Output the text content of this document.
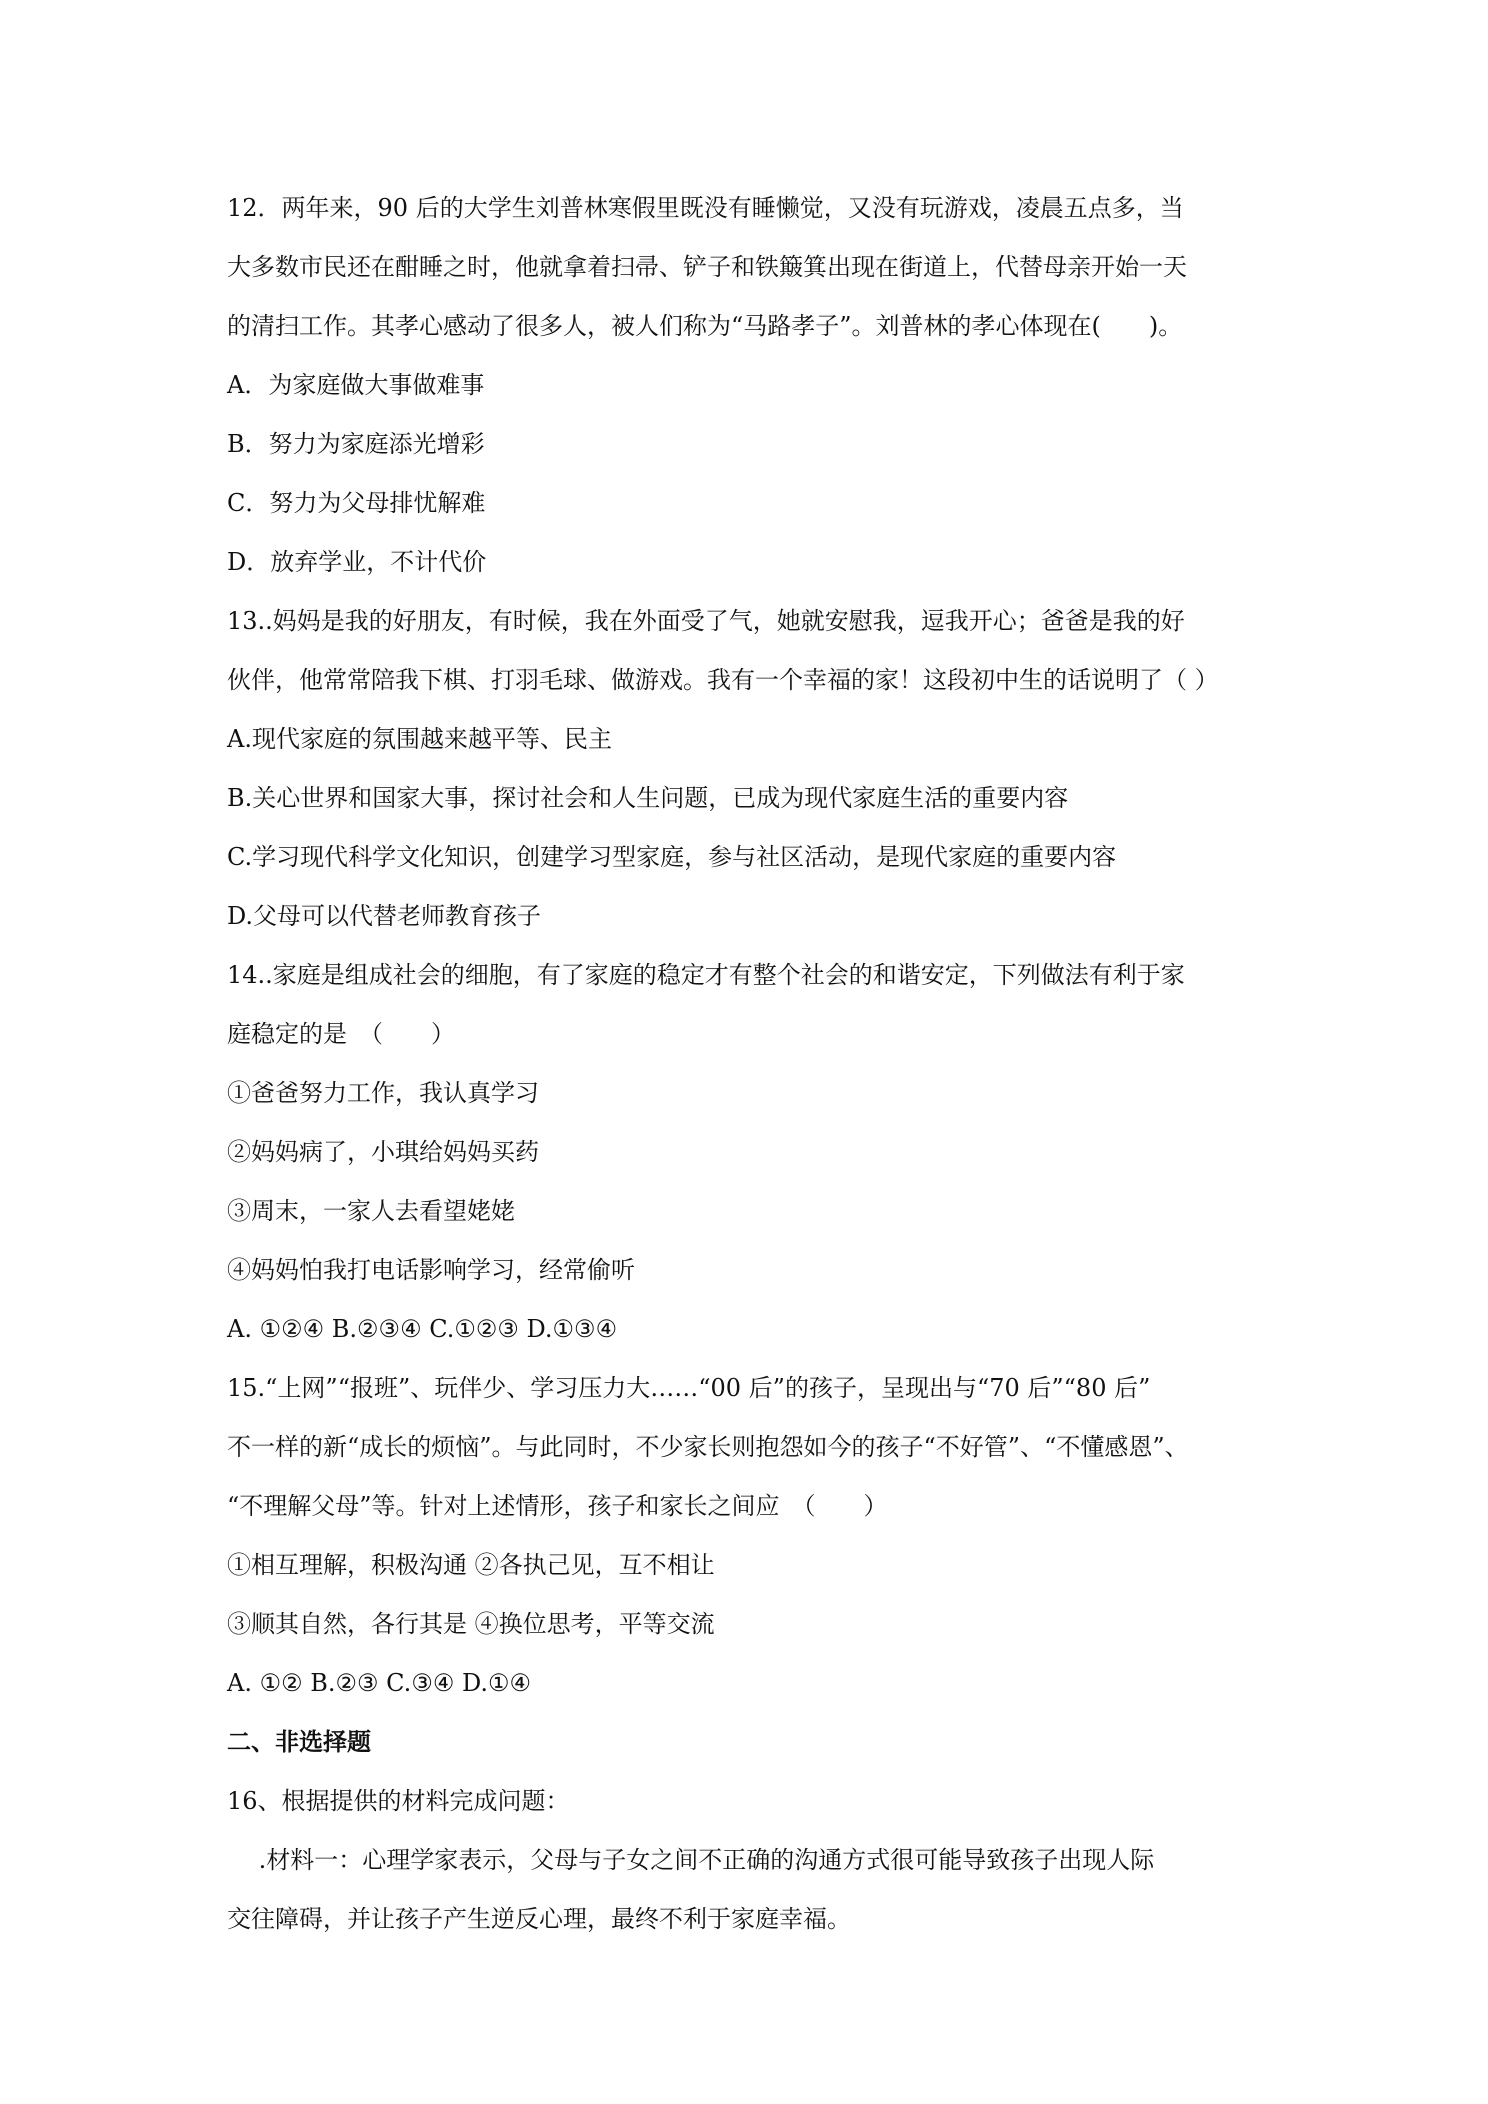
12．两年来，90 后的大学生刘普林寒假里既没有睡懒觉，又没有玩游戏，凌晨五点多，当
大多数市民还在酣睡之时，他就拿着扫帚、铲子和铁簸箕出现在街道上，代替母亲开始一天
的清扫工作。其孝心感动了很多人，被人们称为“马路孝子”。刘普林的孝心体现在(　　)。
A．为家庭做大事做难事
B．努力为家庭添光增彩
C．努力为父母排忧解难
D．放弃学业，不计代价
13..妈妈是我的好朋友，有时候，我在外面受了气，她就安慰我，逗我开心；爸爸是我的好
伙伴，他常常陪我下棋、打羽毛球、做游戏。我有一个幸福的家！这段初中生的话说明了（ ）
A.现代家庭的氛围越来越平等、民主
B.关心世界和国家大事，探讨社会和人生问题，已成为现代家庭生活的重要内容
C.学习现代科学文化知识，创建学习型家庭，参与社区活动，是现代家庭的重要内容
D.父母可以代替老师教育孩子
14..家庭是组成社会的细胞，有了家庭的稳定才有整个社会的和谐安定，下列做法有利于家
庭稳定的是　（　　）
①爸爸努力工作，我认真学习
②妈妈病了，小琪给妈妈买药
③周末，一家人去看望姥姥
④妈妈怕我打电话影响学习，经常偷听
A. ①②④ B.②③④ C.①②③ D.①③④
15.“上网”“报班”、玩伴少、学习压力大……“00 后”的孩子，呈现出与“70 后”“80 后”
不一样的新“成长的烦恼”。与此同时，不少家长则抱怨如今的孩子“不好管”、“不懂感恩”、
“不理解父母”等。针对上述情形，孩子和家长之间应　（　　）
①相互理解，积极沟通 ②各执己见，互不相让
③顺其自然，各行其是 ④换位思考，平等交流
A. ①② B.②③ C.③④ D.①④
二、非选择题
16、根据提供的材料完成问题：
　 .材料一：心理学家表示，父母与子女之间不正确的沟通方式很可能导致孩子出现人际
交往障碍，并让孩子产生逆反心理，最终不利于家庭幸福。
